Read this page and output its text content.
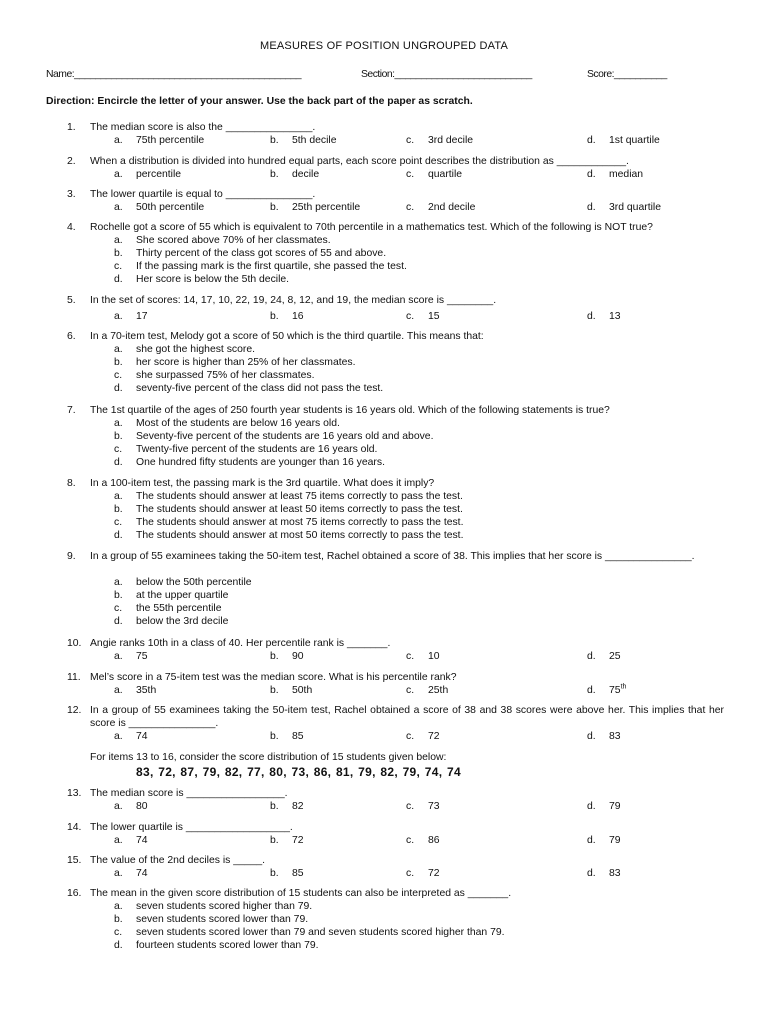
MEASURES OF POSITION UNGROUPED DATA
Name:___________________________________________	Section:__________________________	Score:__________
Direction: Encircle the letter of your answer. Use the back part of the paper as scratch.
1.	The median score is also the _______________.
a. 75th percentile	b. 5th decile	c. 3rd decile	d. 1st quartile
2.	When a distribution is divided into hundred equal parts, each score point describes the distribution as ____________.
a. percentile	b. decile	c. quartile	d. median
3.	The lower quartile is equal to _______________.
a. 50th percentile	b. 25th percentile	c. 2nd decile	d. 3rd quartile
4.	Rochelle got a score of 55 which is equivalent to 70th percentile in a mathematics test. Which of the following is NOT true?
a. She scored above 70% of her classmates.
b. Thirty percent of the class got scores of 55 and above.
c. If the passing mark is the first quartile, she passed the test.
d. Her score is below the 5th decile.
5.	In the set of scores: 14, 17, 10, 22, 19, 24, 8, 12, and 19, the median score is ________.
a. 17	b. 16	c. 15	d. 13
6.	In a 70-item test, Melody got a score of 50 which is the third quartile. This means that:
a. she got the highest score.
b. her score is higher than 25% of her classmates.
c. she surpassed 75% of her classmates.
d. seventy-five percent of the class did not pass the test.
7.	The 1st quartile of the ages of 250 fourth year students is 16 years old. Which of the following statements is true?
a. Most of the students are below 16 years old.
b. Seventy-five percent of the students are 16 years old and above.
c. Twenty-five percent of the students are 16 years old.
d. One hundred fifty students are younger than 16 years.
8.	In a 100-item test, the passing mark is the 3rd quartile. What does it imply?
a. The students should answer at least 75 items correctly to pass the test.
b. The students should answer at least 50 items correctly to pass the test.
c. The students should answer at most 75 items correctly to pass the test.
d. The students should answer at most 50 items correctly to pass the test.
9.	In a group of 55 examinees taking the 50-item test, Rachel obtained a score of 38. This implies that her score is _______________.
a. below the 50th percentile
b. at the upper quartile
c. the 55th percentile
d. below the 3rd decile
10. Angie ranks 10th in a class of 40. Her percentile rank is _______.
a. 75	b. 90	c. 10	d. 25
11. Mel’s score in a 75-item test was the median score. What is his percentile rank?
a. 35th	b. 50th	c. 25th	d. 75th
12. In a group of 55 examinees taking the 50-item test, Rachel obtained a score of 38 and 38 scores were above her. This implies that her score is _______________.
a. 74	b. 85	c. 72	d. 83
13. The median score is _________________.
a. 80	b. 82	c. 73	d. 79
14. The lower quartile is __________________.
a. 74	b. 72	c. 86	d. 79
15. The value of the 2nd deciles is _____.
a. 74	b. 85	c. 72	d. 83
16. The mean in the given score distribution of 15 students can also be interpreted as _______.
a. seven students scored higher than 79.
b. seven students scored lower than 79.
c. seven students scored lower than 79 and seven students scored higher than 79.
d. fourteen students scored lower than 79.
For items 13 to 16, consider the score distribution of 15 students given below:
83, 72, 87, 79, 82, 77, 80, 73, 86, 81, 79, 82, 79, 74, 74
